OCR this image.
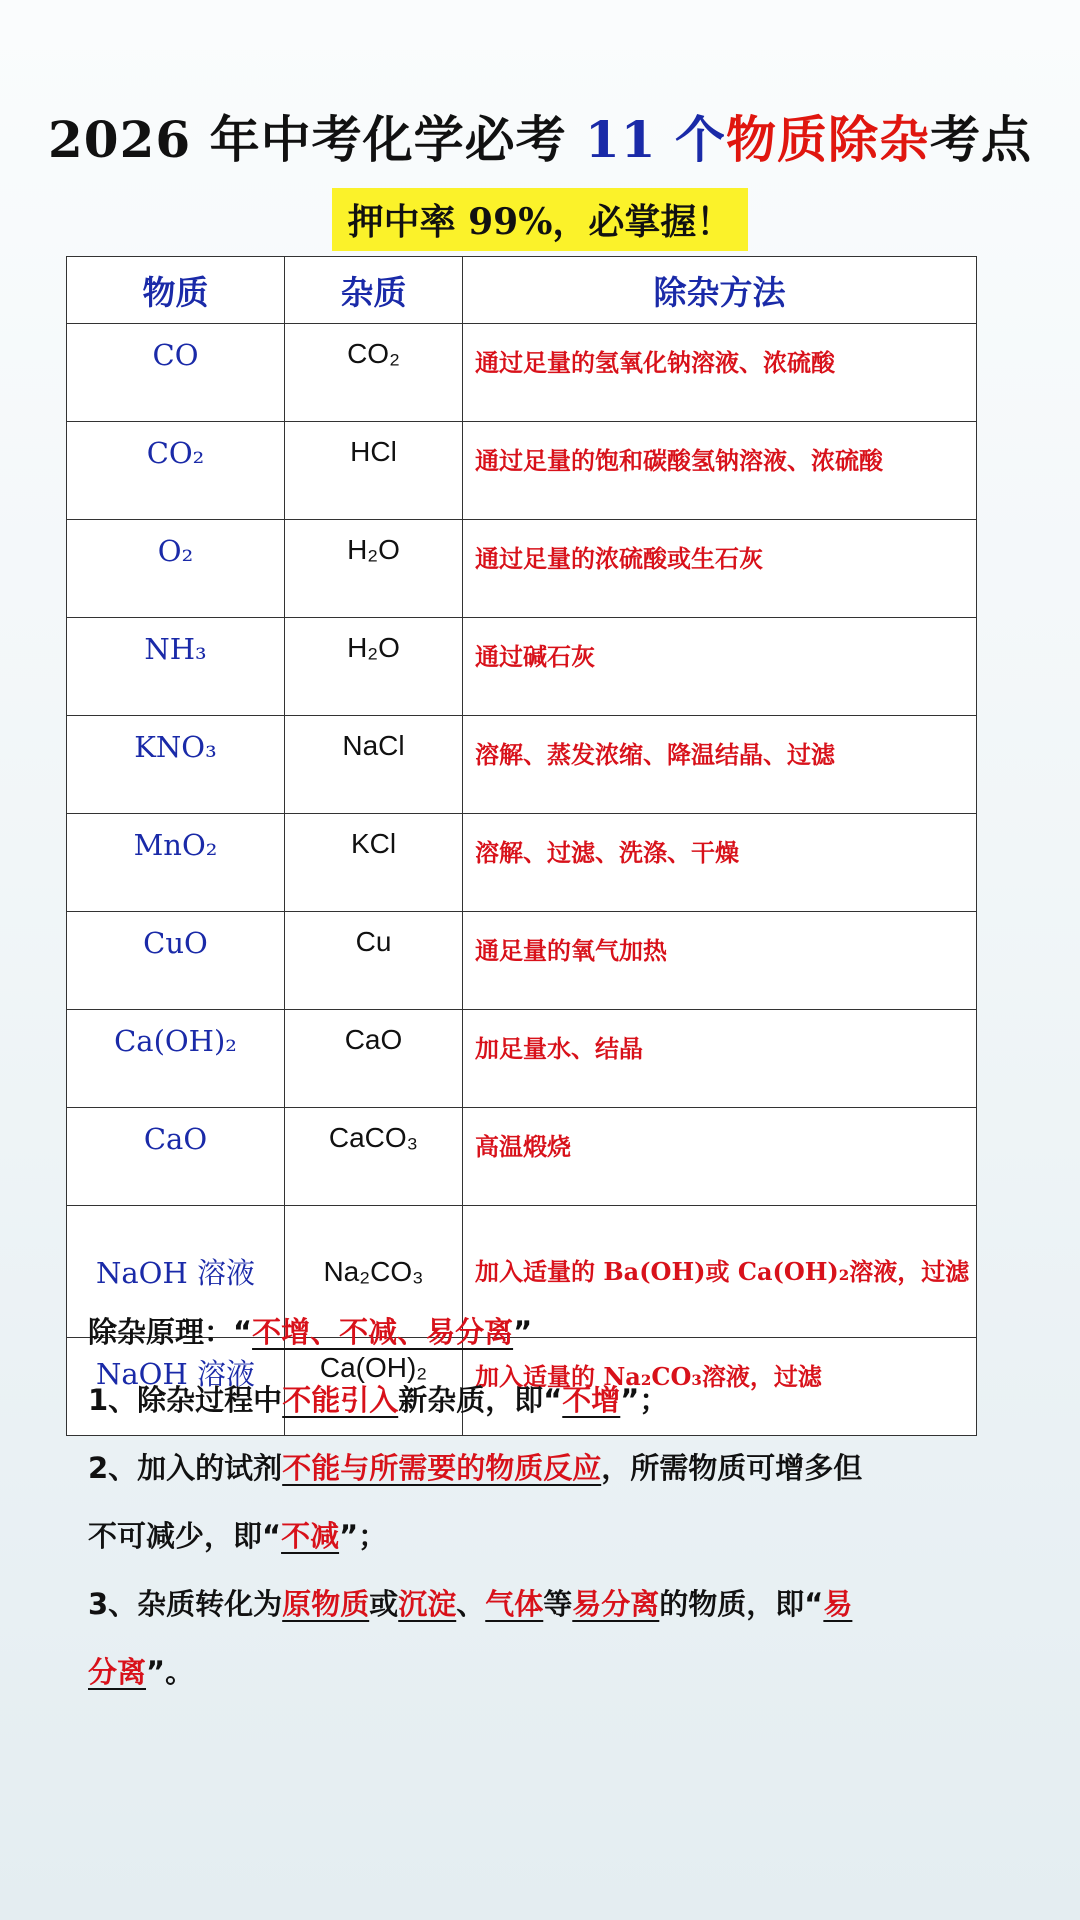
2026 年中考化学必考 11 个物质除杂考点
押中率 99%，必掌握！
物质	杂质	除杂方法
CO	CO₂	通过足量的氢氧化钠溶液、浓硫酸
CO₂	HCl	通过足量的饱和碳酸氢钠溶液、浓硫酸
O₂	H₂O	通过足量的浓硫酸或生石灰
NH₃	H₂O	通过碱石灰
KNO₃	NaCl	溶解、蒸发浓缩、降温结晶、过滤
MnO₂	KCl	溶解、过滤、洗涤、干燥
CuO	Cu	通足量的氧气加热
Ca(OH)₂	CaO	加足量水、结晶
CaO	CaCO₃	高温煅烧
NaOH 溶液	Na₂CO₃	加入适量的 Ba(OH)或 Ca(OH)₂溶液，过滤
NaOH 溶液	Ca(OH)₂	加入适量的 Na₂CO₃溶液，过滤

除杂原理：“不增、不减、易分离”

1、除杂过程中不能引入新杂质，即“不增”；

2、加入的试剂不能与所需要的物质反应，所需物质可增多但
不可减少，即“不减”；

3、杂质转化为原物质或沉淀、气体等易分离的物质，即“易
分离”。
